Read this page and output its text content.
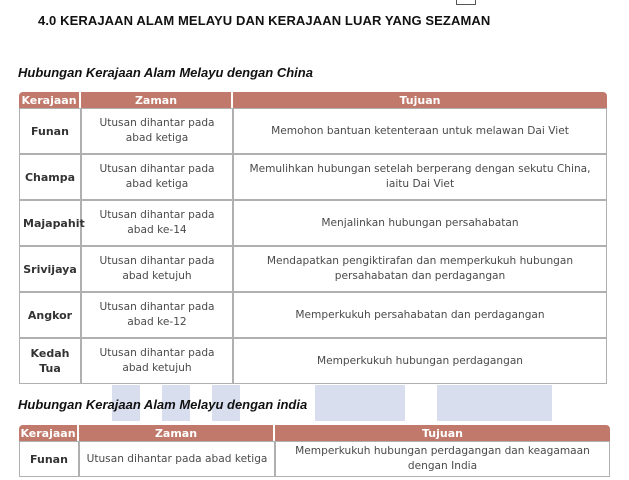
4.0 KERAJAAN ALAM MELAYU DAN KERAJAAN LUAR YANG SEZAMAN
Hubungan Kerajaan Alam Melayu dengan China
Kerajaan	Zaman	Tujuan
Funan	Utusan dihantar pada abad ketiga	Memohon bantuan ketenteraan untuk melawan Dai Viet
Champa	Utusan dihantar pada abad ketiga	Memulihkan hubungan setelah berperang dengan sekutu China, iaitu Dai Viet
Majapahit	Utusan dihantar pada abad ke-14	Menjalinkan hubungan persahabatan
Srivijaya	Utusan dihantar pada abad ketujuh	Mendapatkan pengiktirafan dan memperkukuh hubungan persahabatan dan perdagangan
Angkor	Utusan dihantar pada abad ke-12	Memperkukuh persahabatan dan perdagangan
Kedah Tua	Utusan dihantar pada abad ketujuh	Memperkukuh hubungan perdagangan
Hubungan Kerajaan Alam Melayu dengan india
Kerajaan	Zaman	Tujuan
Funan	Utusan dihantar pada abad ketiga	Memperkukuh hubungan perdagangan dan keagamaan dengan India
